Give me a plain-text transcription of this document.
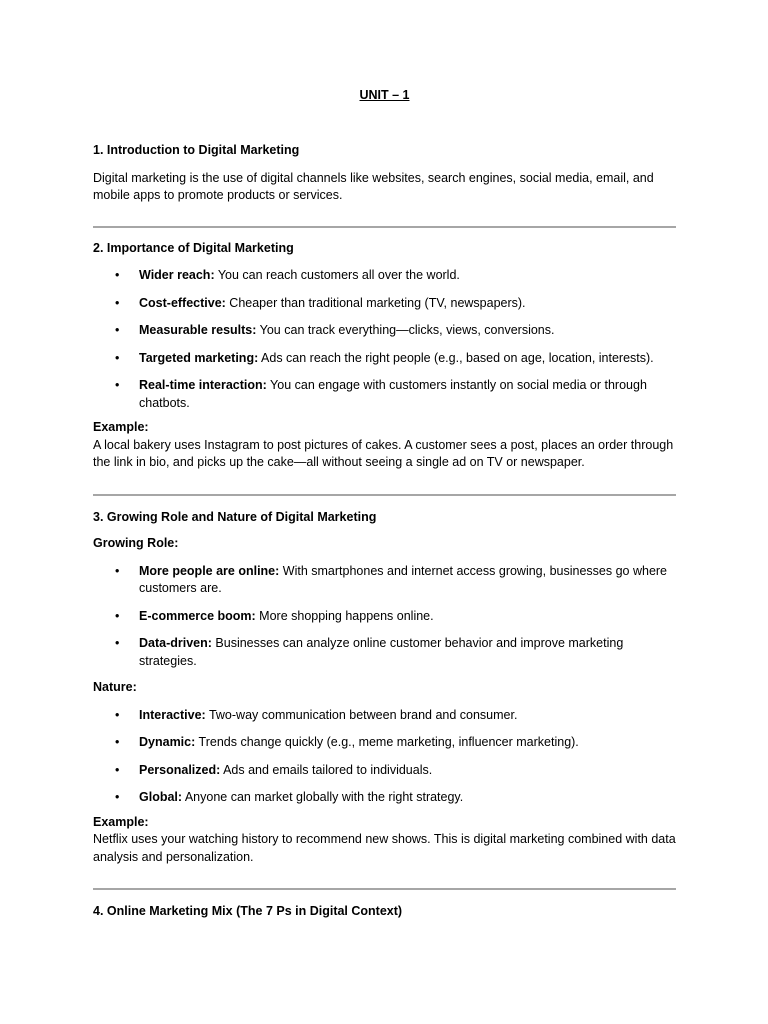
UNIT – 1
1. Introduction to Digital Marketing

Digital marketing is the use of digital channels like websites, search engines, social media, email, and mobile apps to promote products or services.

2. Importance of Digital Marketing
• Wider reach: You can reach customers all over the world.
• Cost-effective: Cheaper than traditional marketing (TV, newspapers).
• Measurable results: You can track everything—clicks, views, conversions.
• Targeted marketing: Ads can reach the right people (e.g., based on age, location, interests).
• Real-time interaction: You can engage with customers instantly on social media or through chatbots.

Example:

A local bakery uses Instagram to post pictures of cakes. A customer sees a post, places an order through the link in bio, and picks up the cake—all without seeing a single ad on TV or newspaper.

3. Growing Role and Nature of Digital Marketing

Growing Role:

• More people are online: With smartphones and internet access growing, businesses go where customers are.
• E-commerce boom: More shopping happens online.
• Data-driven: Businesses can analyze online customer behavior and improve marketing strategies.

Nature:

• Interactive: Two-way communication between brand and consumer.
• Dynamic: Trends change quickly (e.g., meme marketing, influencer marketing).
• Personalized: Ads and emails tailored to individuals.
• Global: Anyone can market globally with the right strategy.

Example:

Netflix uses your watching history to recommend new shows. This is digital marketing combined with data analysis and personalization.

4. Online Marketing Mix (The 7 Ps in Digital Context)
